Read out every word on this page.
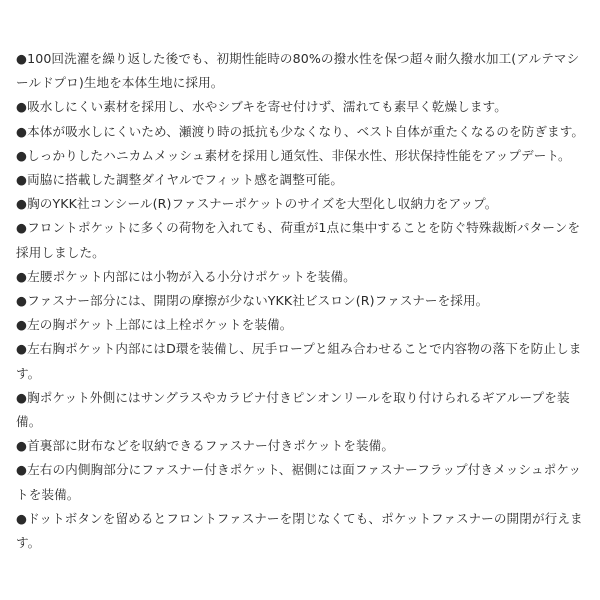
●100回洗濯を繰り返した後でも、初期性能時の80%の撥水性を保つ超々耐久撥水加工(アルテマシールドプロ)生地を本体生地に採用。

●吸水しにくい素材を採用し、水やシブキを寄せ付けず、濡れても素早く乾燥します。

●本体が吸水しにくいため、瀬渡り時の抵抗も少なくなり、ベスト自体が重たくなるのを防ぎます。

●しっかりしたハニカムメッシュ素材を採用し通気性、非保水性、形状保持性能をアップデート。

●両脇に搭載した調整ダイヤルでフィット感を調整可能。

●胸のYKK社コンシール(R)ファスナーポケットのサイズを大型化し収納力をアップ。

●フロントポケットに多くの荷物を入れても、荷重が1点に集中することを防ぐ特殊裁断パターンを採用しました。

●左腰ポケット内部には小物が入る小分けポケットを装備。

●ファスナー部分には、開閉の摩擦が少ないYKK社ビスロン(R)ファスナーを採用。

●左の胸ポケット上部には上栓ポケットを装備。

●左右胸ポケット内部にはD環を装備し、尻手ロープと組み合わせることで内容物の落下を防止します。

●胸ポケット外側にはサングラスやカラビナ付きピンオンリールを取り付けられるギアループを装備。

●首裏部に財布などを収納できるファスナー付きポケットを装備。

●左右の内側胸部分にファスナー付きポケット、裾側には面ファスナーフラップ付きメッシュポケットを装備。

●ドットボタンを留めるとフロントファスナーを閉じなくても、ポケットファスナーの開閉が行えます。
